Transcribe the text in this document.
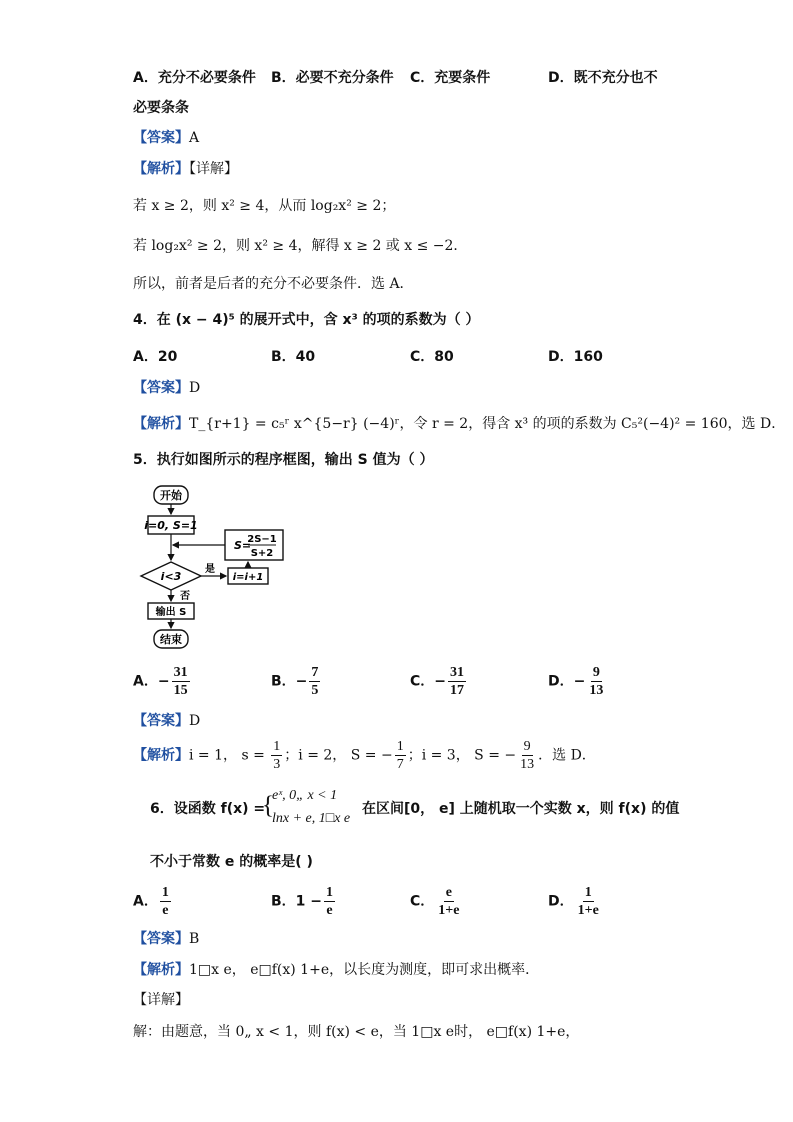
A．充分不必要条件 B．必要不充分条件 C．充要条件	D．既不充分也不
必要条条
【答案】A
【解析】【详解】
若 x ≥ 2，则 x² ≥ 4，从而 log₂x² ≥ 2；
若 log₂x² ≥ 2，则 x² ≥ 4，解得 x ≥ 2 或 x ≤ −2．
所以，前者是后者的充分不必要条件．选 A．
4．在 (x − 4)⁵ 的展开式中，含 x³ 的项的系数为（ ）
A．20	B．40	C．80	D．160
【答案】D
【解析】T_{r+1} = c₅ʳ x^{5−r} (−4)ʳ，令 r = 2，得含 x³ 的项的系数为 C₅²(−4)² = 160，选 D．
5．执行如图所示的程序框图，输出 S 值为（ ）
开始
i=0, S=1
S=
2S−1
S+2
i<3
是
i=i+1
否
输出 S
结束
A．− $\frac{31}{15}$	B．− $\frac{7}{5}$	C．− $\frac{31}{17}$	D．− $\frac{9}{13}$
【答案】D
【解析】i = 1， $s = \frac{1}{3}$ ；i = 2， S = − $\frac{1}{7}$ ；i = 3， S = − $\frac{9}{13}$ ．选 D．
6．设函数 f(x) =
{
eˣ, 0„ x < 1
lnx + e, 1□x e
在区间[0， e] 上随机取一个实数 x，则 f(x) 的值
不小于常数 e 的概率是( )
A． $\frac{1}{e}$	B．$1 - \frac{1}{e}$	C． $\frac{e}{1+e}$	D． $\frac{1}{1+e}$
【答案】B
【解析】1□x e， e□f(x) 1+e，以长度为测度，即可求出概率．
【详解】
解：由题意，当 0„ x < 1，则 f(x) < e，当 1□x e时， e□f(x) 1+e，
